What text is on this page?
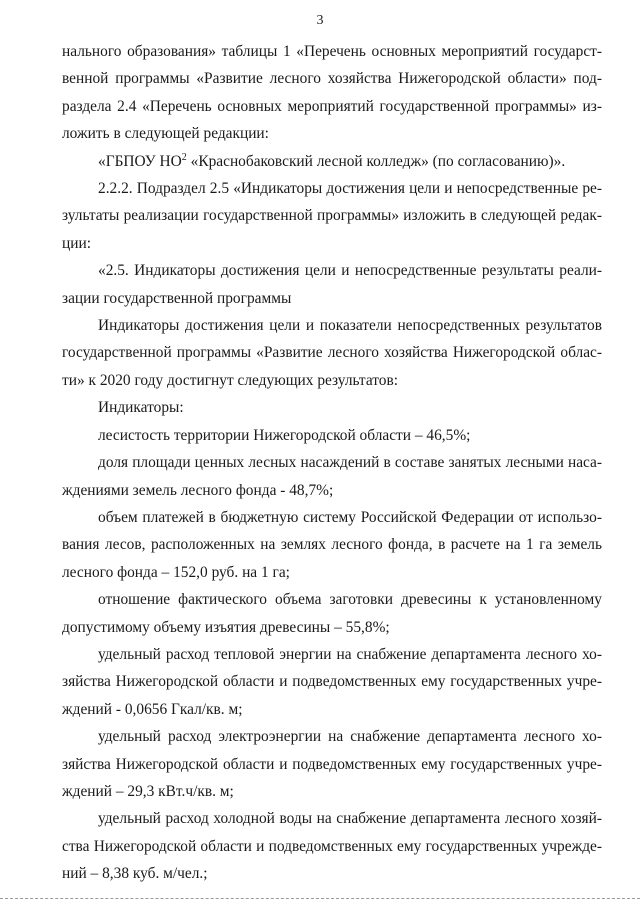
3
нального образования» таблицы 1 «Перечень основных мероприятий государст-
венной программы «Развитие лесного хозяйства Нижегородской области» под-
раздела 2.4 «Перечень основных мероприятий государственной программы» из-
ложить в следующей редакции:
«ГБПОУ $НО^2$ «Краснобаковский лесной колледж» (по согласованию)».
2.2.2. Подраздел 2.5 «Индикаторы достижения цели и непосредственные ре-
зультаты реализации государственной программы» изложить в следующей редак-
ции:
«2.5. Индикаторы достижения цели и непосредственные результаты реали-
зации государственной программы
Индикаторы достижения цели и показатели непосредственных результатов
государственной программы «Развитие лесного хозяйства Нижегородской облас-
ти» к 2020 году достигнут следующих результатов:
Индикаторы:
лесистость территории Нижегородской области – 46,5%;
доля площади ценных лесных насаждений в составе занятых лесными наса-
ждениями земель лесного фонда - 48,7%;
объем платежей в бюджетную систему Российской Федерации от использо-
вания лесов, расположенных на землях лесного фонда, в расчете на 1 га земель
лесного фонда – 152,0 руб. на 1 га;
отношение фактического объема заготовки древесины к установленному
допустимому объему изъятия древесины – 55,8%;
удельный расход тепловой энергии на снабжение департамента лесного хо-
зяйства Нижегородской области и подведомственных ему государственных учре-
ждений - 0,0656 Гкал/кв. м;
удельный расход электроэнергии на снабжение департамента лесного хо-
зяйства Нижегородской области и подведомственных ему государственных учре-
ждений – 29,3 кВт.ч/кв. м;
удельный расход холодной воды на снабжение департамента лесного хозяй-
ства Нижегородской области и подведомственных ему государственных учрежде-
ний – 8,38 куб. м/чел.;
